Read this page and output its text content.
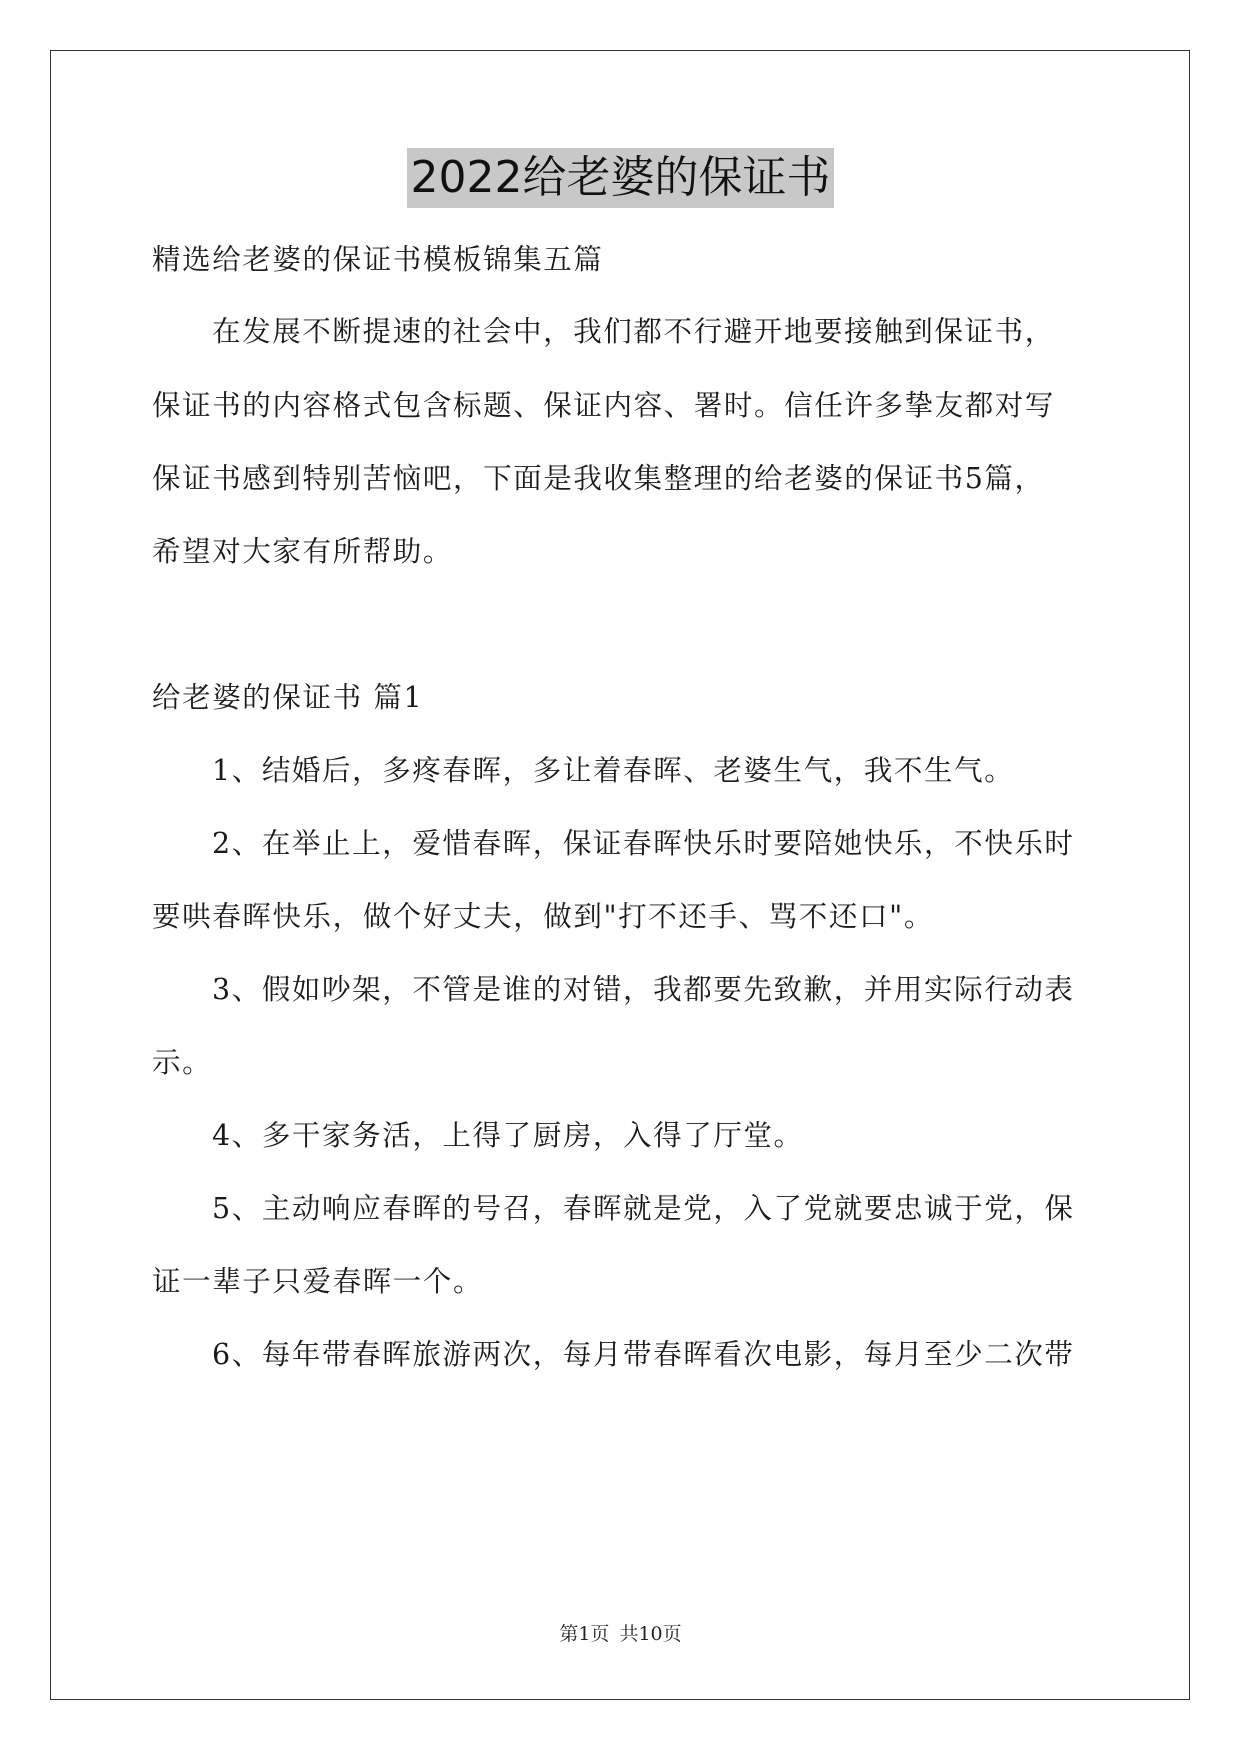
2022给老婆的保证书
精选给老婆的保证书模板锦集五篇
在发展不断提速的社会中，我们都不行避开地要接触到保证书，
保证书的内容格式包含标题、保证内容、署时。信任许多挚友都对写
保证书感到特别苦恼吧，下面是我收集整理的给老婆的保证书5篇，
希望对大家有所帮助。
给老婆的保证书 篇1
1、结婚后，多疼春晖，多让着春晖、老婆生气，我不生气。
2、在举止上，爱惜春晖，保证春晖快乐时要陪她快乐，不快乐时
要哄春晖快乐，做个好丈夫，做到"打不还手、骂不还口"。
3、假如吵架，不管是谁的对错，我都要先致歉，并用实际行动表
示。
4、多干家务活，上得了厨房，入得了厅堂。
5、主动响应春晖的号召，春晖就是党，入了党就要忠诚于党，保
证一辈子只爱春晖一个。
6、每年带春晖旅游两次，每月带春晖看次电影，每月至少二次带
第1页 共10页
